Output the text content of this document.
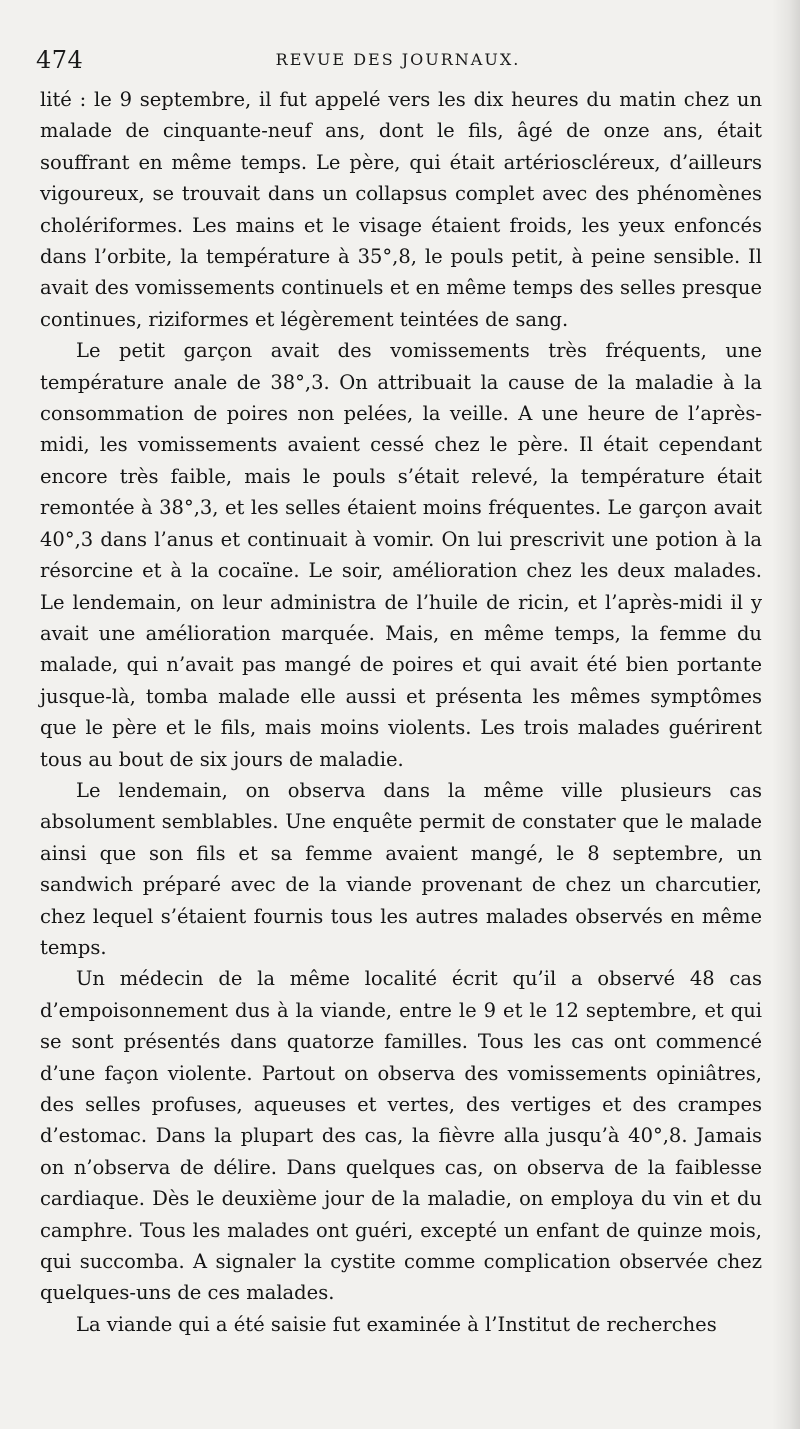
474	REVUE DES JOURNAUX.

lité : le 9 septembre, il fut appelé vers les dix heures du matin chez un malade de cinquante-neuf ans, dont le fils, âgé de onze ans, était souffrant en même temps. Le père, qui était artérioscléreux, d’ailleurs vigoureux, se trouvait dans un collapsus complet avec des phénomènes cholériformes. Les mains et le visage étaient froids, les yeux enfoncés dans l’orbite, la température à 35°,8, le pouls petit, à peine sensible. Il avait des vomissements continuels et en même temps des selles presque continues, riziformes et légèrement teintées de sang.

Le petit garçon avait des vomissements très fréquents, une température anale de 38°,3. On attribuait la cause de la maladie à la consommation de poires non pelées, la veille. A une heure de l’après-midi, les vomissements avaient cessé chez le père. Il était cependant encore très faible, mais le pouls s’était relevé, la température était remontée à 38°,3, et les selles étaient moins fréquentes. Le garçon avait 40°,3 dans l’anus et continuait à vomir. On lui prescrivit une potion à la résorcine et à la cocaïne. Le soir, amélioration chez les deux malades. Le lendemain, on leur administra de l’huile de ricin, et l’après-midi il y avait une amélioration marquée. Mais, en même temps, la femme du malade, qui n’avait pas mangé de poires et qui avait été bien portante jusque-là, tomba malade elle aussi et présenta les mêmes symptômes que le père et le fils, mais moins violents. Les trois malades guérirent tous au bout de six jours de maladie.

Le lendemain, on observa dans la même ville plusieurs cas absolument semblables. Une enquête permit de constater que le malade ainsi que son fils et sa femme avaient mangé, le 8 septembre, un sandwich préparé avec de la viande provenant de chez un charcutier, chez lequel s’étaient fournis tous les autres malades observés en même temps.

Un médecin de la même localité écrit qu’il a observé 48 cas d’empoisonnement dus à la viande, entre le 9 et le 12 septembre, et qui se sont présentés dans quatorze familles. Tous les cas ont commencé d’une façon violente. Partout on observa des vomissements opiniâtres, des selles profuses, aqueuses et vertes, des vertiges et des crampes d’estomac. Dans la plupart des cas, la fièvre alla jusqu’à 40°,8. Jamais on n’observa de délire. Dans quelques cas, on observa de la faiblesse cardiaque. Dès le deuxième jour de la maladie, on employa du vin et du camphre. Tous les malades ont guéri, excepté un enfant de quinze mois, qui succomba. A signaler la cystite comme complication observée chez quelques-uns de ces malades.

La viande qui a été saisie fut examinée à l’Institut de recherches
